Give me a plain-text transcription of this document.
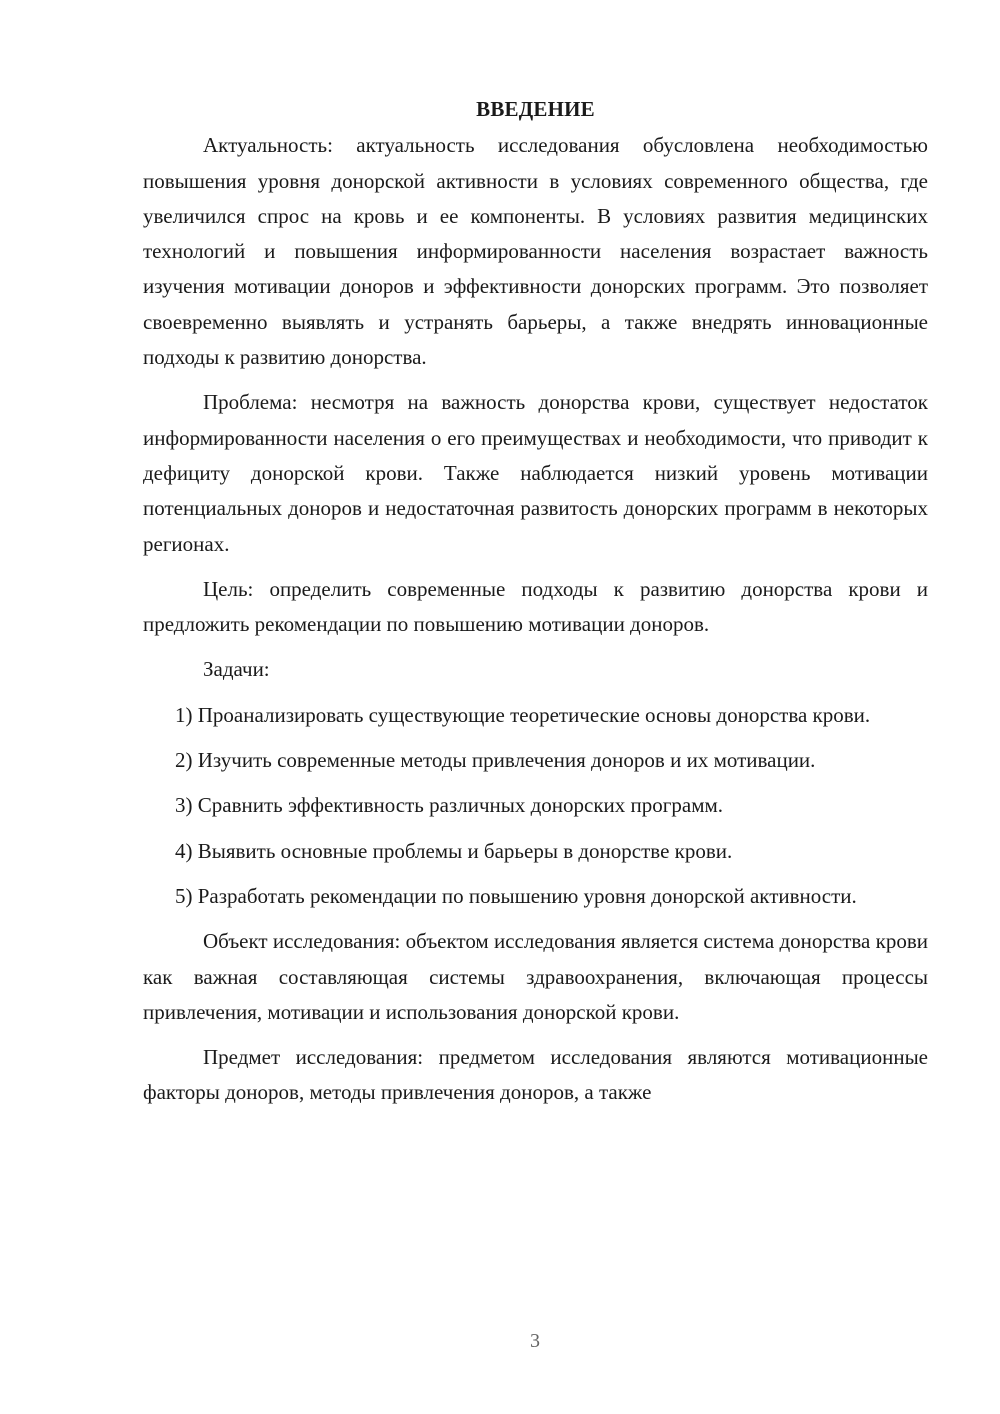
ВВЕДЕНИЕ

Актуальность: актуальность исследования обусловлена необходимостью повышения уровня донорской активности в условиях современного общества, где увеличился спрос на кровь и ее компоненты. В условиях развития медицинских технологий и повышения информированности населения возрастает важность изучения мотивации доноров и эффективности донорских программ. Это позволяет своевременно выявлять и устранять барьеры, а также внедрять инновационные подходы к развитию донорства.

Проблема: несмотря на важность донорства крови, существует недостаток информированности населения о его преимуществах и необходимости, что приводит к дефициту донорской крови. Также наблюдается низкий уровень мотивации потенциальных доноров и недостаточная развитость донорских программ в некоторых регионах.

Цель: определить современные подходы к развитию донорства крови и предложить рекомендации по повышению мотивации доноров.

Задачи:

1) Проанализировать существующие теоретические основы донорства крови.

2) Изучить современные методы привлечения доноров и их мотивации.

3) Сравнить эффективность различных донорских программ.

4) Выявить основные проблемы и барьеры в донорстве крови.

5) Разработать рекомендации по повышению уровня донорской активности.

Объект исследования: объектом исследования является система донорства крови как важная составляющая системы здравоохранения, включающая процессы привлечения, мотивации и использования донорской крови.

Предмет исследования: предметом исследования являются мотивационные факторы доноров, методы привлечения доноров, а также

3
